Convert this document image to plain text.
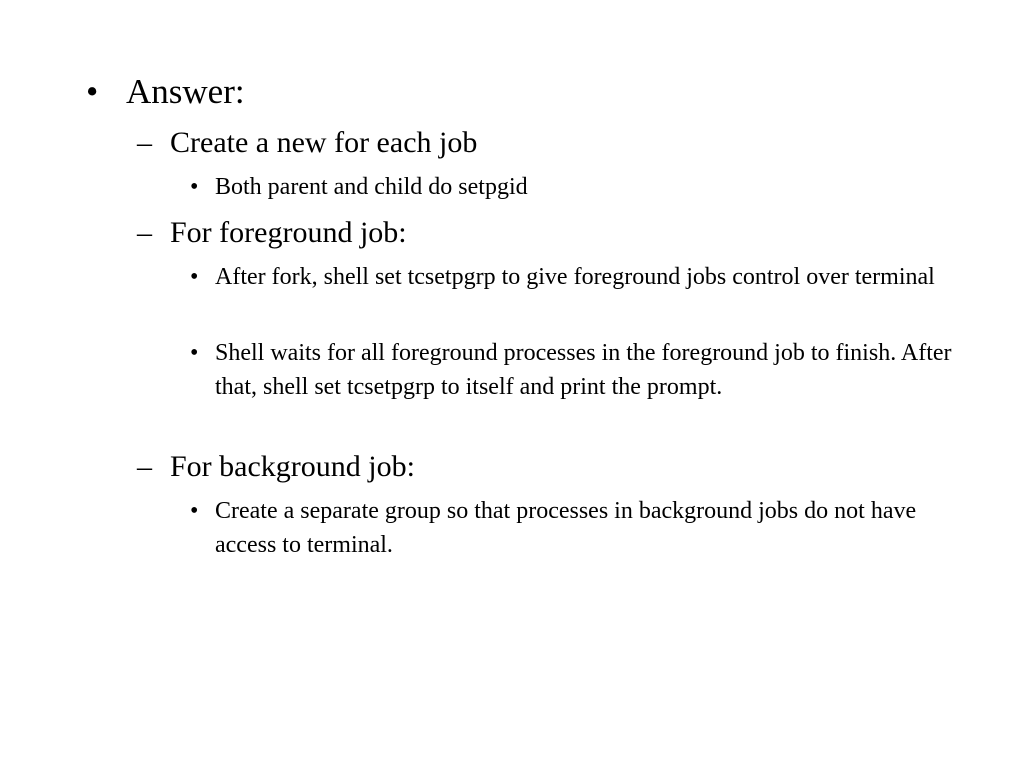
• Answer:
– Create a new for each job
• Both parent and child do setpgid
– For foreground job:
• After fork, shell set tcsetpgrp to give foreground jobs control over terminal
• Shell waits for all foreground processes in the foreground job to finish. After that, shell set tcsetpgrp to itself and print the prompt.
– For background job:
• Create a separate group so that processes in background jobs do not have access to terminal.
